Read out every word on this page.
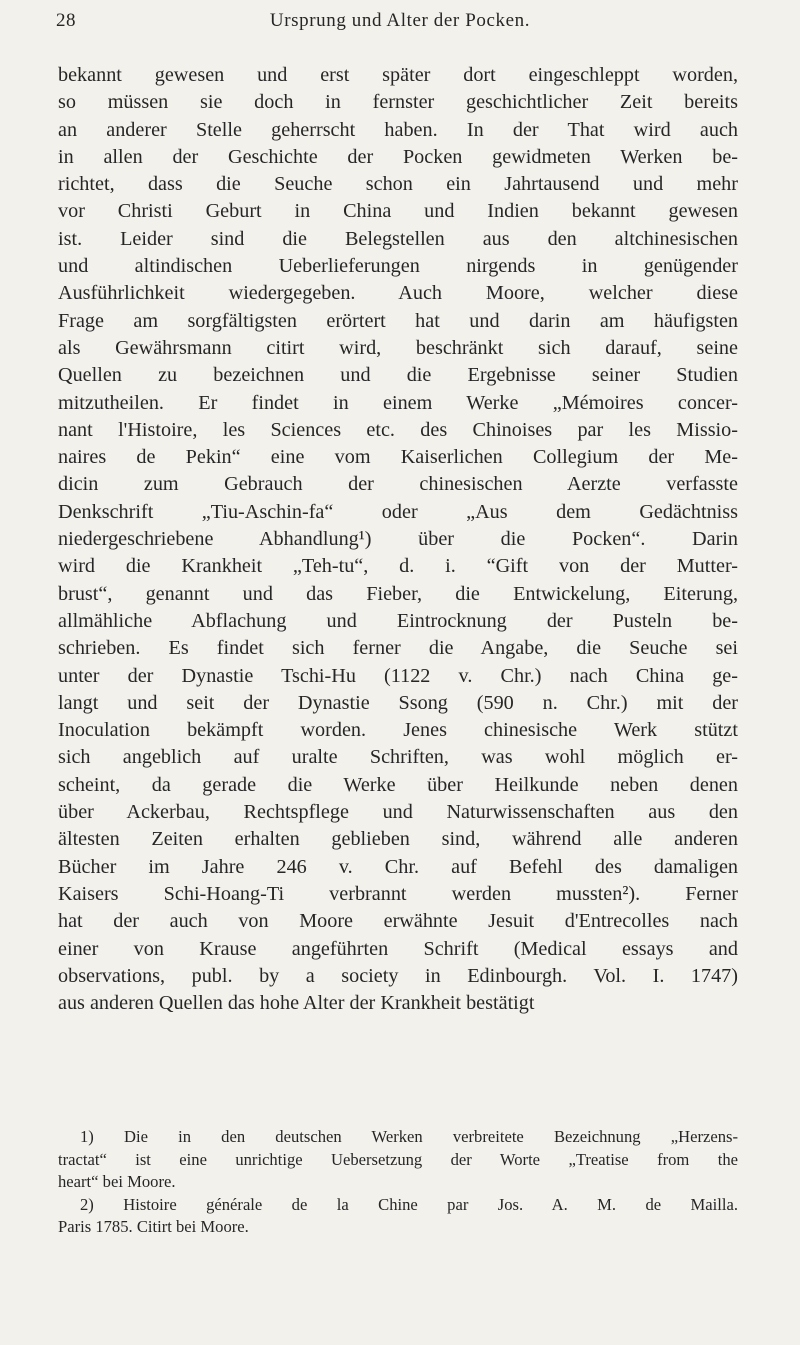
28	Ursprung und Alter der Pocken.
bekannt gewesen und erst später dort eingeschleppt worden,
so müssen sie doch in fernster geschichtlicher Zeit bereits
an anderer Stelle geherrscht haben. In der That wird auch
in allen der Geschichte der Pocken gewidmeten Werken be-
richtet, dass die Seuche schon ein Jahrtausend und mehr
vor Christi Geburt in China und Indien bekannt gewesen
ist. Leider sind die Belegstellen aus den altchinesischen
und altindischen Ueberlieferungen nirgends in genügender
Ausführlichkeit wiedergegeben. Auch Moore, welcher diese
Frage am sorgfältigsten erörtert hat und darin am häufigsten
als Gewährsmann citirt wird, beschränkt sich darauf, seine
Quellen zu bezeichnen und die Ergebnisse seiner Studien
mitzutheilen. Er findet in einem Werke „Mémoires concer-
nant l'Histoire, les Sciences etc. des Chinoises par les Missio-
naires de Pekin“ eine vom Kaiserlichen Collegium der Me-
dicin zum Gebrauch der chinesischen Aerzte verfasste
Denkschrift „Tiu-Aschin-fa“ oder „Aus dem Gedächtniss
niedergeschriebene Abhandlung¹) über die Pocken“. Darin
wird die Krankheit „Teh-tu“, d. i. “Gift von der Mutter-
brust“, genannt und das Fieber, die Entwickelung, Eiterung,
allmähliche Abflachung und Eintrocknung der Pusteln be-
schrieben. Es findet sich ferner die Angabe, die Seuche sei
unter der Dynastie Tschi-Hu (1122 v. Chr.) nach China ge-
langt und seit der Dynastie Ssong (590 n. Chr.) mit der
Inoculation bekämpft worden. Jenes chinesische Werk stützt
sich angeblich auf uralte Schriften, was wohl möglich er-
scheint, da gerade die Werke über Heilkunde neben denen
über Ackerbau, Rechtspflege und Naturwissenschaften aus den
ältesten Zeiten erhalten geblieben sind, während alle anderen
Bücher im Jahre 246 v. Chr. auf Befehl des damaligen
Kaisers Schi-Hoang-Ti verbrannt werden mussten²). Ferner
hat der auch von Moore erwähnte Jesuit d'Entrecolles nach
einer von Krause angeführten Schrift (Medical essays and
observations, publ. by a society in Edinbourgh. Vol. I. 1747)
aus anderen Quellen das hohe Alter der Krankheit bestätigt
1) Die in den deutschen Werken verbreitete Bezeichnung „Herzens-
tractat“ ist eine unrichtige Uebersetzung der Worte „Treatise from the
heart“ bei Moore.
2) Histoire générale de la Chine par Jos. A. M. de Mailla.
Paris 1785. Citirt bei Moore.
